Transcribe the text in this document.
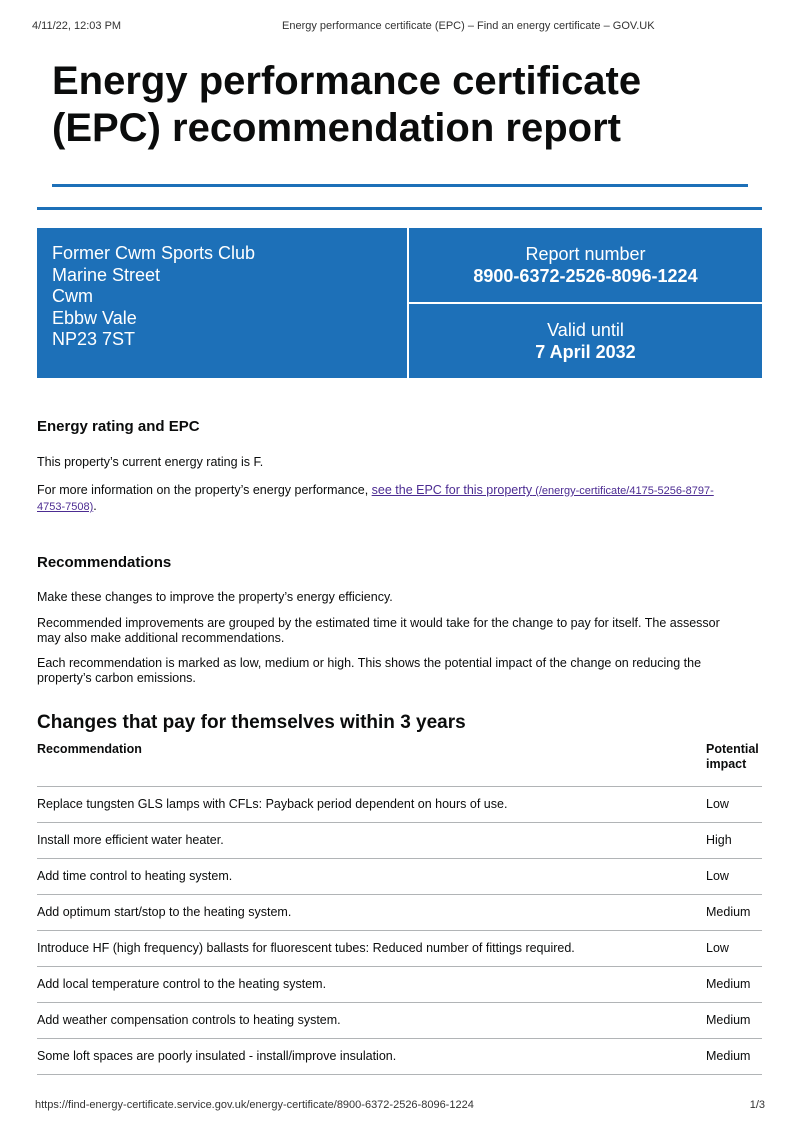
4/11/22, 12:03 PM	Energy performance certificate (EPC) – Find an energy certificate – GOV.UK
Energy performance certificate
(EPC) recommendation report
Former Cwm Sports Club
Marine Street
Cwm
Ebbw Vale
NP23 7ST
Report number
8900-6372-2526-8096-1224
Valid until
7 April 2032
Energy rating and EPC

This property’s current energy rating is F.

For more information on the property’s energy performance, see the EPC for this property (/energy-certificate/4175-5256-8797-
4753-7508).

Recommendations

Make these changes to improve the property’s energy efficiency.

Recommended improvements are grouped by the estimated time it would take for the change to pay for itself. The assessor
may also make additional recommendations.

Each recommendation is marked as low, medium or high. This shows the potential impact of the change on reducing the
property’s carbon emissions.

Changes that pay for themselves within 3 years
Recommendation	Potential
impact
Replace tungsten GLS lamps with CFLs: Payback period dependent on hours of use.	Low
Install more efficient water heater.	High
Add time control to heating system.	Low
Add optimum start/stop to the heating system.	Medium
Introduce HF (high frequency) ballasts for fluorescent tubes: Reduced number of fittings required.	Low
Add local temperature control to the heating system.	Medium
Add weather compensation controls to heating system.	Medium
Some loft spaces are poorly insulated - install/improve insulation.	Medium
https://find-energy-certificate.service.gov.uk/energy-certificate/8900-6372-2526-8096-1224	1/3
